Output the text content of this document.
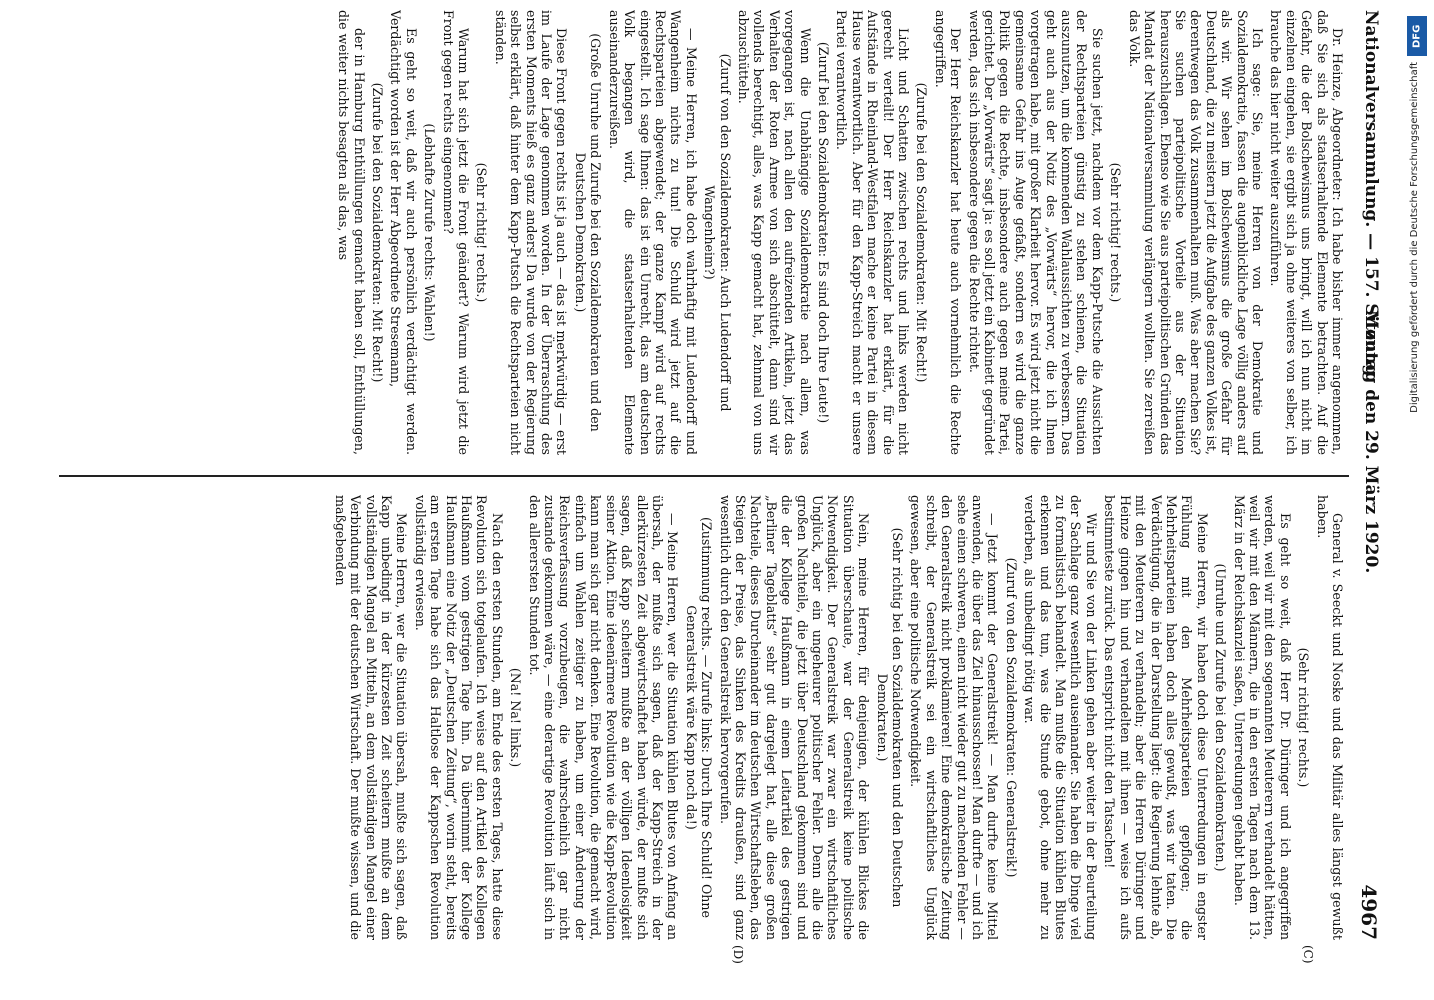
Nationalversammlung. — 157. Sitzung.
Montag den 29. März 1920.
4967

Dr. Heinze, Abgeordneter: Ich habe bisher immer angenommen, daß Sie sich als staatserhaltende Elemente betrachten. Auf die Gefahr, die der Bolschewismus uns bringt, will ich nun nicht im einzelnen eingehen, sie ergibt sich ja ohne weiteres von selber, ich brauche das hier nicht weiter auszuführen.

Ich sage: Sie, meine Herren von der Demokratie und Sozialdemokratie, fassen die augenblickliche Lage völlig anders auf als wir. Wir sehen im Bolschewismus die große Gefahr für Deutschland, die zu meistern jetzt die Aufgabe des ganzen Volkes ist, derentwegen das Volk zusammenhalten muß. Was aber machen Sie? Sie suchen parteipolitische Vorteile aus der Situation herauszuschlagen. Ebenso wie Sie aus parteipolitischen Gründen das Mandat der Nationalversammlung verlängern wollten. Sie zerreißen das Volk.

(Sehr richtig! rechts.)

Sie suchen jetzt, nachdem vor dem Kapp-Putsche die Aussichten der Rechtsparteien günstig zu stehen schienen, die Situation auszunutzen, um die kommenden Wahlaussichten zu verbessern. Das geht auch aus der Notiz des „Vorwärts“ hervor, die ich Ihnen vorgetragen habe, mit großer Klarheit hervor. Es wird jetzt nicht die gemeinsame Gefahr ins Auge gefaßt, sondern es wird die ganze Politik gegen die Rechte, insbesondere auch gegen meine Partei, gerichtet. Der „Vorwärts“ sagt ja: es soll jetzt ein Kabinett gegründet werden, das sich insbesondere gegen die Rechte richtet.

Der Herr Reichskanzler hat heute auch vornehmlich die Rechte angegriffen.

(Zurufe bei den Sozialdemokraten: Mit Recht!)

Licht und Schatten zwischen rechts und links werden nicht gerecht verteilt! Der Herr Reichskanzler hat erklärt, für die Aufstände in Rheinland-Westfalen mache er keine Partei in diesem Hause verantwortlich. Aber für den Kapp-Streich macht er unsere Partei verantwortlich.

(Zuruf bei den Sozialdemokraten: Es sind doch Ihre Leute!)

Wenn die Unabhängige Sozialdemokratie nach allem, was vorgegangen ist, nach allen den aufreizenden Artikeln, jetzt das Verhalten der Roten Armee von sich abschüttelt, dann sind wir vollends berechtigt, alles, was Kapp gemacht hat, zehnmal von uns abzuschütteln.

(Zuruf von den Sozialdemokraten: Auch Ludendorff und Wangenheim?)

— Meine Herren, ich habe doch wahrhaftig mit Ludendorff und Wangenheim nichts zu tun! Die Schuld wird jetzt auf die Rechtsparteien abgewendet; der ganze Kampf wird auf rechts eingestellt. Ich sage Ihnen: das ist ein Unrecht, das am deutschen Volk begangen wird, die staatserhaltenden Elemente auseinanderzureißen.

(Große Unruhe und Zurufe bei den Sozialdemokraten und den Deutschen Demokraten.)

Diese Front gegen rechts ist ja auch — das ist merkwürdig — erst im Laufe der Lage genommen worden. In der Überraschung des ersten Moments hieß es ganz anders! Da wurde von der Regierung selbst erklärt, daß hinter dem Kapp-Putsch die Rechtsparteien nicht ständen.

(Sehr richtig! rechts.)

Warum hat sich jetzt die Front geändert? Warum wird jetzt die Front gegen rechts eingenommen?

(Lebhafte Zurufe rechts: Wahlen!)

Es geht so weit, daß wir auch persönlich verdächtigt werden. Verdächtigt worden ist der Herr Abgeordnete Stresemann,

(Zurufe bei den Sozialdemokraten: Mit Recht!)

der in Hamburg Enthüllungen gemacht haben soll, Enthüllungen, die weiter nichts besagten als das, was

General v. Seeckt und Noske und das Militär alles längst gewußt haben.

(Sehr richtig! rechts.)

Es geht so weit, daß Herr Dr. Düringer und ich angegriffen werden, weil wir mit den sogenannten Meuterern verhandelt hätten, weil wir mit den Männern, die in den ersten Tagen nach dem 13. März in der Reichskanzlei saßen, Unterredungen gehabt haben.

(Unruhe und Zurufe bei den Sozialdemokraten.)

Meine Herren, wir haben doch diese Unterredungen in engster Fühlung mit den Mehrheitsparteien gepflogen; die Mehrheitsparteien haben doch alles gewußt, was wir taten. Die Verdächtigung, die in der Darstellung liegt: die Regierung lehnte ab, mit den Meuterern zu verhandeln; aber die Herren Düringer und Heinze gingen hin und verhandelten mit ihnen — weise ich aufs bestimmteste zurück. Das entspricht nicht den Tatsachen!

Wir und Sie von der Linken gehen aber weiter in der Beurteilung der Sachlage ganz wesentlich auseinander. Sie haben die Dinge viel zu formalistisch behandelt. Man mußte die Situation kühlen Blutes erkennen und das tun, was die Stunde gebot, ohne mehr zu verderben, als unbedingt nötig war.

(Zuruf von den Sozialdemokraten: Generalstreik!)

— Jetzt kommt der Generalstreik! — Man durfte keine Mittel anwenden, die über das Ziel hinausschossen! Man durfte — und ich sehe einen schweren, einen nicht wieder gut zu machenden Fehler — den Generalstreik nicht proklamieren! Eine demokratische Zeitung schreibt, der Generalstreik sei ein wirtschaftliches Unglück gewesen, aber eine politische Notwendigkeit.

(Sehr richtig bei den Sozialdemokraten und den Deutschen Demokraten.)

Nein, meine Herren, für denjenigen, der kühlen Blickes die Situation überschaute, war der Generalstreik keine politische Notwendigkeit. Der Generalstreik war zwar ein wirtschaftliches Unglück, aber ein ungeheurer politischer Fehler. Denn alle die großen Nachteile, die jetzt über Deutschland gekommen sind und die der Kollege Haußmann in einem Leitartikel des gestrigen „Berliner Tageblatts“ sehr gut dargelegt hat, alle diese großen Nachteile, dieses Durcheinander im deutschen Wirtschaftsleben, das Steigen der Preise, das Sinken des Kredits draußen, sind ganz wesentlich durch den Generalstreik hervorgerufen.

(Zustimmung rechts. — Zurufe links: Durch Ihre Schuld! Ohne Generalstreik wäre Kapp noch da!)

— Meine Herren, wer die Situation kühlen Blutes von Anfang an übersah, der mußte sich sagen, daß der Kapp-Streich in der allerkürzesten Zeit abgewirtschaftet haben würde, der mußte sich sagen, daß Kapp scheitern mußte an der völligen Ideenlosigkeit seiner Aktion. Eine ideenärmere Revolution wie die Kapp-Revolution kann man sich gar nicht denken. Eine Revolution, die gemacht wird, einfach um Wahlen zeitiger zu haben, um einer Änderung der Reichsverfassung vorzubeugen, die wahrscheinlich gar nicht zustande gekommen wäre, — eine derartige Revolution läuft sich in den allerersten Stunden tot.

(Na! Na! links.)

Nach den ersten Stunden, am Ende des ersten Tages, hatte diese Revolution sich totgelaufen. Ich weise auf den Artikel des Kollegen Haußmann vom gestrigen Tage hin. Da übernimmt der Kollege Haußmann eine Notiz der „Deutschen Zeitung“, worin steht, bereits am ersten Tage habe sich das Haltlose der Kappschen Revolution vollständig erwiesen.

Meine Herren, wer die Situation übersah, mußte sich sagen, daß Kapp unbedingt in der kürzesten Zeit scheitern mußte an dem vollständigen Mangel an Mitteln, an dem vollständigen Mangel einer Verbindung mit der deutschen Wirtschaft. Der mußte wissen, und die maßgebenden

(C)
(D)
DFG
Digitalisierung gefördert durch die Deutsche Forschungsgemeinschaft
